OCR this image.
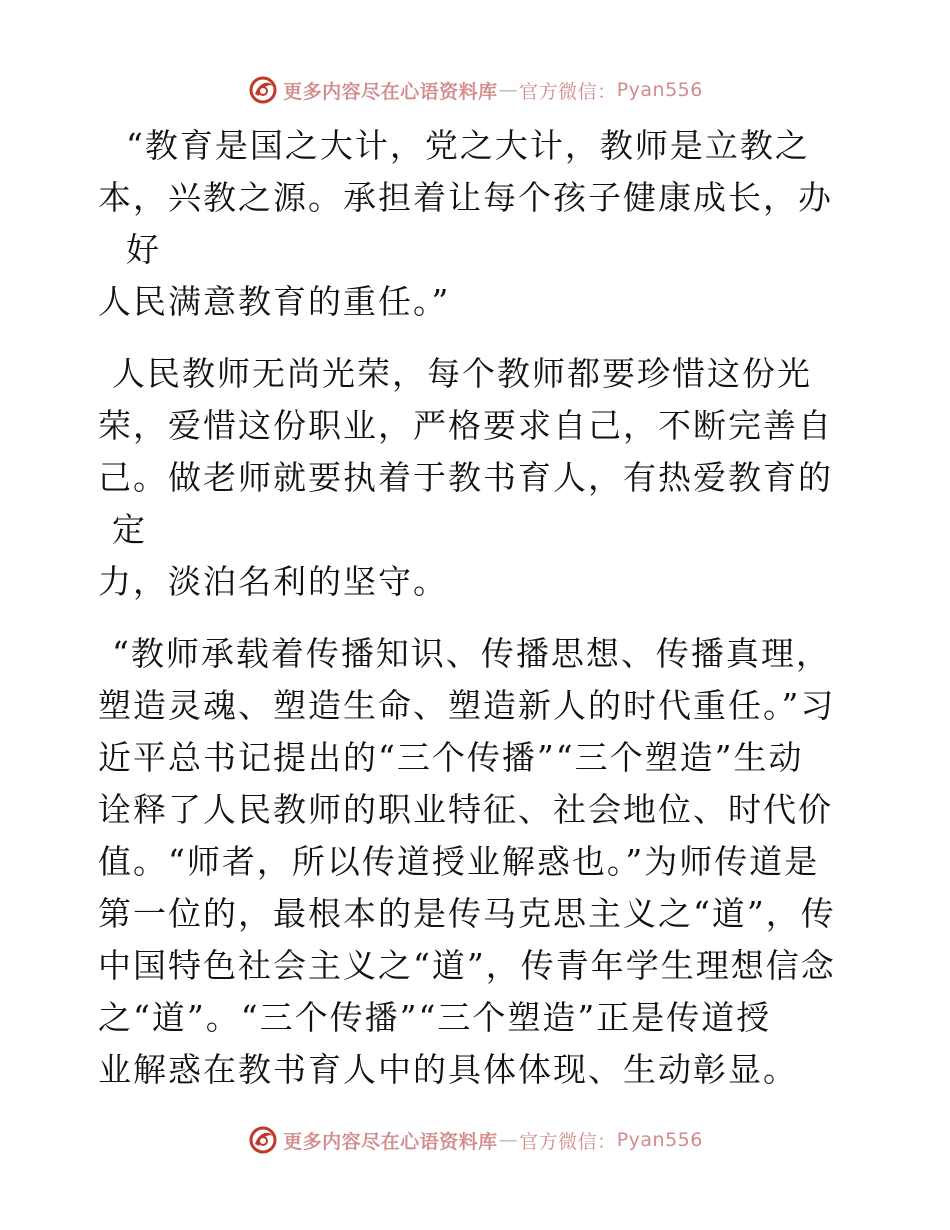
更多内容尽在心语资料库 — 官方微信： Pyan556

“教育是国之大计，党之大计，教师是立教之
本，兴教之源。承担着让每个孩子健康成长，办好
人民满意教育的重任。”

人民教师无尚光荣，每个教师都要珍惜这份光
荣，爱惜这份职业，严格要求自己，不断完善自
己。做老师就要执着于教书育人，有热爱教育的定
力，淡泊名利的坚守。

“教师承载着传播知识、传播思想、传播真理，
塑造灵魂、塑造生命、塑造新人的时代重任。”习
近平总书记提出的“三个传播”“三个塑造”生动
诠释了人民教师的职业特征、社会地位、时代价
值。“师者，所以传道授业解惑也。”为师传道是
第一位的，最根本的是传马克思主义之“道”，传
中国特色社会主义之“道”，传青年学生理想信念
之“道”。“三个传播”“三个塑造”正是传道授
业解惑在教书育人中的具体体现、生动彰显。

更多内容尽在心语资料库 — 官方微信： Pyan556
